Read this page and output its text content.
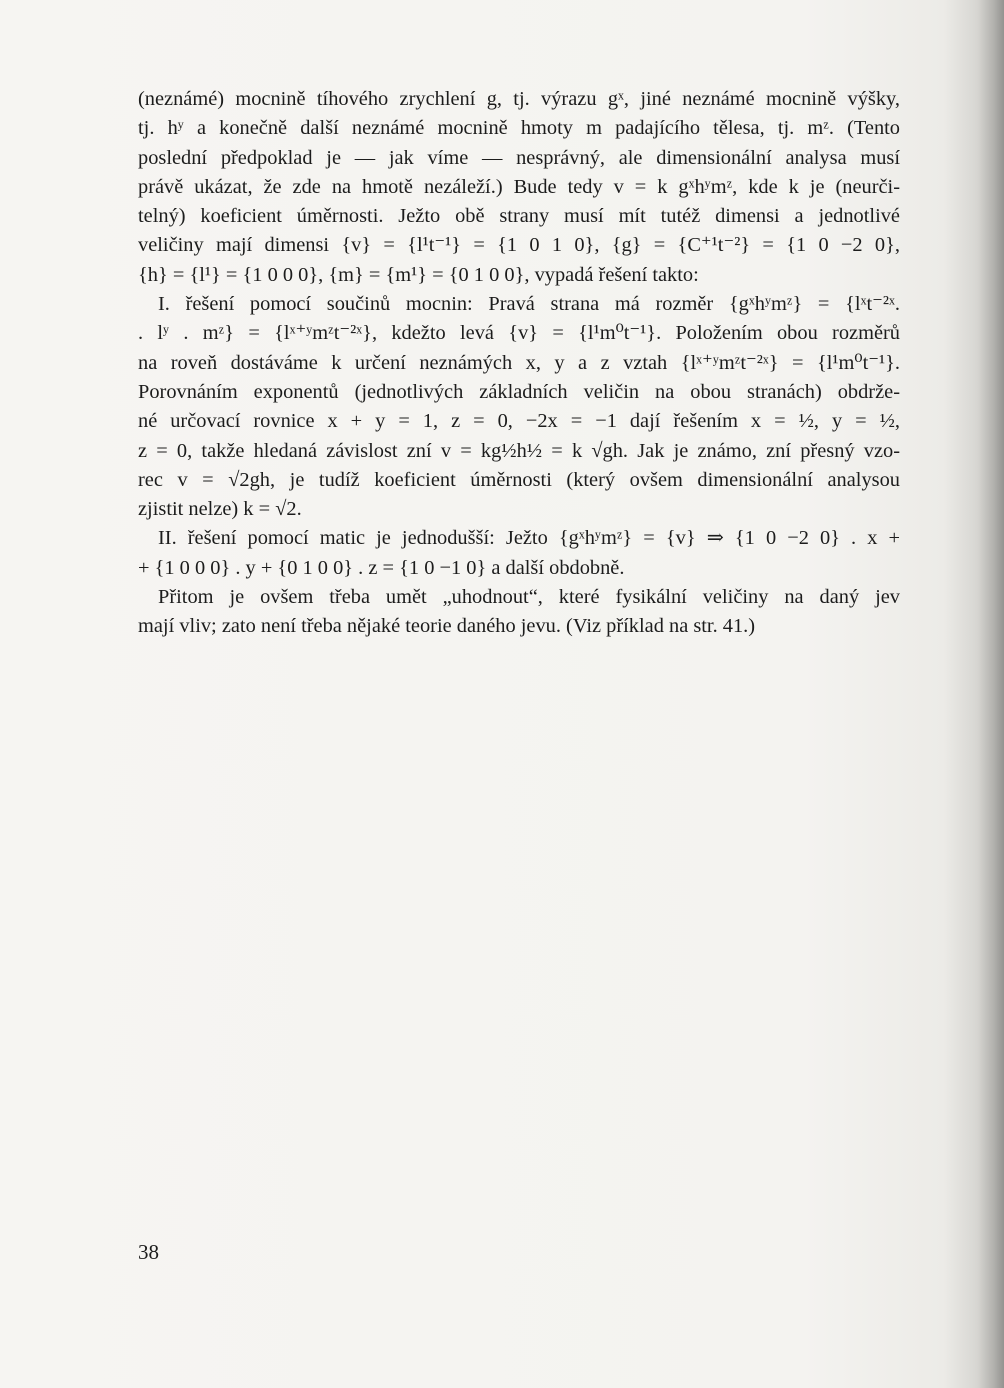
(neznámé) mocnině tíhového zrychlení g, tj. výrazu gˣ, jiné neznámé mocnině výšky,
tj. hʸ a konečně další neznámé mocnině hmoty m padajícího tělesa, tj. mᶻ. (Tento
poslední předpoklad je — jak víme — nesprávný, ale dimensionální analysa musí
právě ukázat, že zde na hmotě nezáleží.) Bude tedy v = k gˣhʸmᶻ, kde k je (neurči-
telný) koeficient úměrnosti. Ježto obě strany musí mít tutéž dimensi a jednotlivé
veličiny mají dimensi {v} = {l¹t⁻¹} = {1 0 1 0}, {g} = {C⁺¹t⁻²} = {1 0 −2 0},
{h} = {l¹} = {1 0 0 0}, {m} = {m¹} = {0 1 0 0}, vypadá řešení takto:
I. řešení pomocí součinů mocnin: Pravá strana má rozměr {gˣhʸmᶻ} = {lˣt⁻²ˣ.
. lʸ . mᶻ} = {lˣ⁺ʸmᶻt⁻²ˣ}, kdežto levá {v} = {l¹m⁰t⁻¹}. Položením obou rozměrů
na roveň dostáváme k určení neznámých x, y a z vztah {lˣ⁺ʸmᶻt⁻²ˣ} = {l¹m⁰t⁻¹}.
Porovnáním exponentů (jednotlivých základních veličin na obou stranách) obdrže-
né určovací rovnice x + y = 1, z = 0, −2x = −1 dají řešením x = ½, y = ½,
z = 0, takže hledaná závislost zní v = kg½h½ = k √gh. Jak je známo, zní přesný vzo-
rec v = √2gh, je tudíž koeficient úměrnosti (který ovšem dimensionální analysou
zjistit nelze) k = √2.
II. řešení pomocí matic je jednodušší: Ježto {gˣhʸmᶻ} = {v} ⇒ {1 0 −2 0} . x +
+ {1 0 0 0} . y + {0 1 0 0} . z = {1 0 −1 0} a další obdobně.
Přitom je ovšem třeba umět „uhodnout“, které fysikální veličiny na daný jev
mají vliv; zato není třeba nějaké teorie daného jevu. (Viz příklad na str. 41.)
38
